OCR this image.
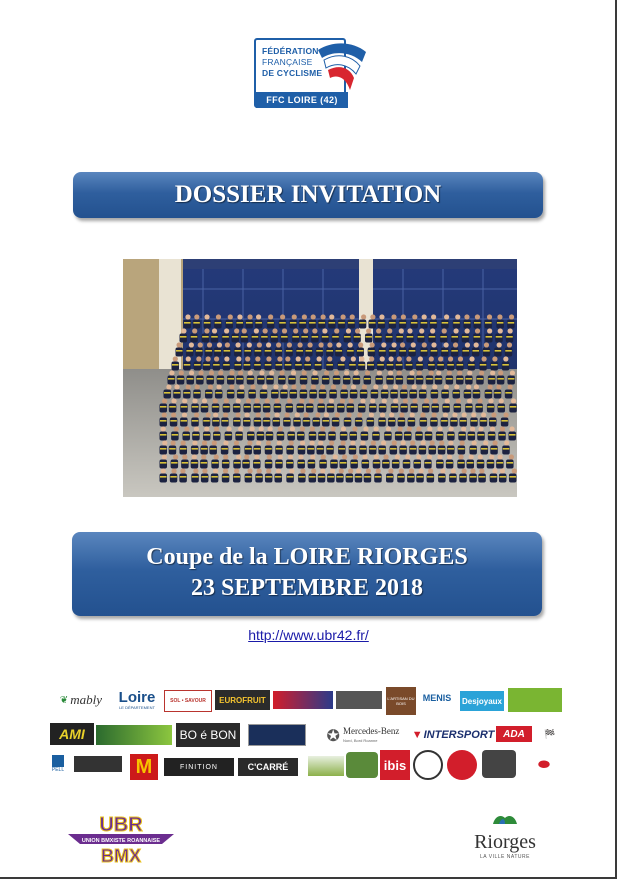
FÉDÉRATION
FRANÇAISE
DE CYCLISME
FFC LOIRE (42)
DOSSIER INVITATION
Coupe de la LOIRE RIORGES
23 SEPTEMBRE 2018
http://www.ubr42.fr/
❦ mably Loire
LE DÉPARTEMENT
SOL • SAVOUR EUROFRUIT	L'ARTISAN DU BOIS
MENIS Desjoyaux
AMI	BO é BON	✪ Mercedes-Benz
Nord, Bord Roanne	▼ INTERSPORT ADA	🏁
PELL	M	FINITION	C'CARRÉ	ibis	⬬
UBR
UNION BMXISTE ROANNAISE
BMX
Riorges
LA VILLE NATURE
